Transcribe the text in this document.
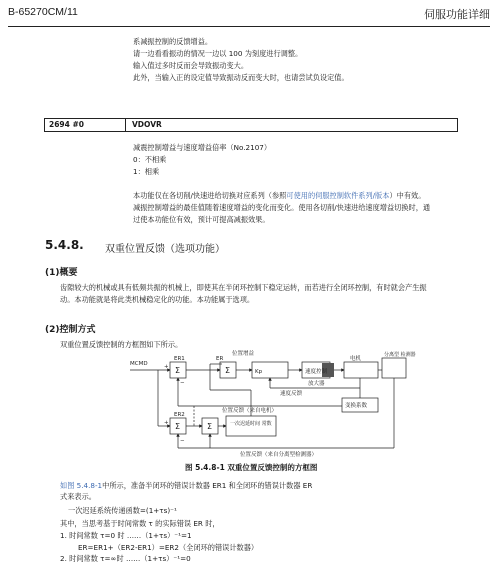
B-65270CM/11	伺服功能详细
系减振控制的反馈增益。
请一边看看振动的情况一边以 100 为刻度进行调整。
输入值过多时反而会导致振动变大。
此外，当输入正的设定值导致振动反而变大时，也请尝试负设定值。
2694 #0	VDOVR
减震控制增益与速度增益倍率（No.2107）
0：不相乘
1：相乘
本功能仅在各切削/快速进给切换对应系列（参照可使用的伺服控制软件系列/版本）中有效。
减振控制增益的最佳值随着速度增益的变化而变化。使用各切削/快速进给速度增益切换时，通
过使本功能位有效，预计可提高减振效果。
5.4.8. 双重位置反馈（选项功能）
(1)概要
齿隙较大的机械或具有低频共振的机械上，即使其在半闭环控制下稳定运转，而若进行全闭环控制，有时就会产生振
动。本功能就是将此类机械稳定化的功能。本功能属于选项。
(2)控制方式
双重位置反馈控制的方框图如下所示。
MCMD
ER1	ER
位置增益
Σ	Σ	Kp	速度控制
放大器
电机
分离型 检测器
速度反馈
变换系数
位置反馈（来自电机）
ER2
Σ	Σ	一次迟延时间 常数
位置反馈（来自分离型检测器）
+
−
+
−
图 5.4.8-1 双重位置反馈控制的方框图
如图 5.4.8-1中所示，准备半闭环的错误计数器 ER1 和全闭环的错误计数器 ER
式来表示。
一次迟延系统传递函数=(1+τs)⁻¹
其中，当思考基于时间常数 τ 的实际错误 ER 时，
1. 时间常数 τ=0 时 ……（1+τs）⁻¹=1
ER=ER1+（ER2-ER1）=ER2（全闭环的错误计数器）
2. 时间常数 τ=∞时 ……（1+τs）⁻¹=0
